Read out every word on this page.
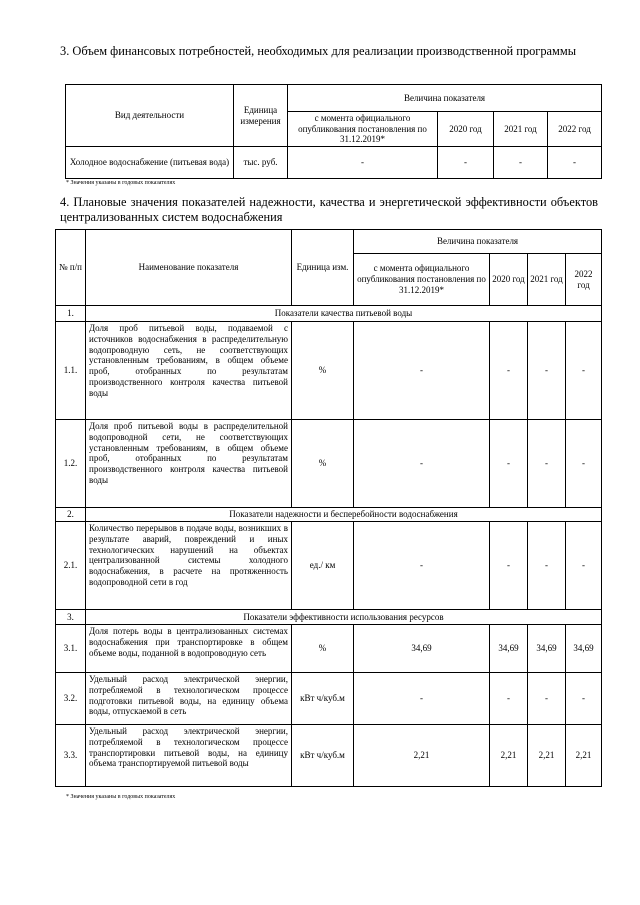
3. Объем финансовых потребностей, необходимых для реализации производственной программы
Вид деятельности	Единица измерения	Величина показателя			
		с момента официального опубликования постановления по 31.12.2019*	2020 год	2021 год	2022 год
Холодное водоснабжение (питьевая вода)	тыс. руб.	-	-	-	-
* Значения указаны в годовых показателях
4. Плановые значения показателей надежности, качества и энергетической эффективности объектов централизованных систем водоснабжения
№ п/п	Наименование показателя	Единица изм.	Величина показателя			
			с момента официального опубликования постановления по 31.12.2019*	2020 год	2021 год	2022 год
1.	Показатели качества питьевой воды					
1.1.	Доля проб питьевой воды, подаваемой с источников водоснабжения в распределительную водопроводную сеть, не соответствующих установленным требованиям, в общем объеме проб, отобранных по результатам производственного контроля качества питьевой воды	%	-	-	-	-
1.2.	Доля проб питьевой воды в распределительной водопроводной сети, не соответствующих установленным требованиям, в общем объеме проб, отобранных по результатам производственного контроля качества питьевой воды	%	-	-	-	-
2.	Показатели надежности и бесперебойности водоснабжения					
2.1.	Количество перерывов в подаче воды, возникших в результате аварий, повреждений и иных технологических нарушений на объектах централизованной системы холодного водоснабжения, в расчете на протяженность водопроводной сети в год	ед./ км	-	-	-	-
3.	Показатели эффективности использования ресурсов					
3.1.	Доля потерь воды в централизованных системах водоснабжения при транспортировке в общем объеме воды, поданной в водопроводную сеть	%	34,69	34,69	34,69	34,69
3.2.	Удельный расход электрической энергии, потребляемой в технологическом процессе подготовки питьевой воды, на единицу объема воды, отпускаемой в сеть	кВт ч/куб.м	-	-	-	-
3.3.	Удельный расход электрической энергии, потребляемой в технологическом процессе транспортировки питьевой воды, на единицу объема транспортируемой питьевой воды	кВт ч/куб.м	2,21	2,21	2,21	2,21
* Значения указаны в годовых показателях
